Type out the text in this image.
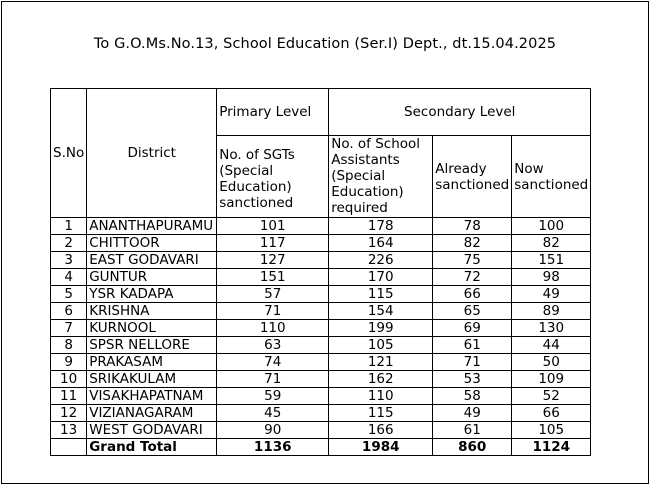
To G.O.Ms.No.13, School Education (Ser.I) Dept., dt.15.04.2025
S.No	District	Primary Level	Secondary Level		
		No. of SGTs (Special Education) sanctioned	No. of School Assistants (Special Education) required	Already sanctioned	Now sanctioned
1	ANANTHAPURAMU	101	178	78	100
2	CHITTOOR	117	164	82	82
3	EAST GODAVARI	127	226	75	151
4	GUNTUR	151	170	72	98
5	YSR KADAPA	57	115	66	49
6	KRISHNA	71	154	65	89
7	KURNOOL	110	199	69	130
8	SPSR NELLORE	63	105	61	44
9	PRAKASAM	74	121	71	50
10	SRIKAKULAM	71	162	53	109
11	VISAKHAPATNAM	59	110	58	52
12	VIZIANAGARAM	45	115	49	66
13	WEST GODAVARI	90	166	61	105
	Grand Total	1136	1984	860	1124
